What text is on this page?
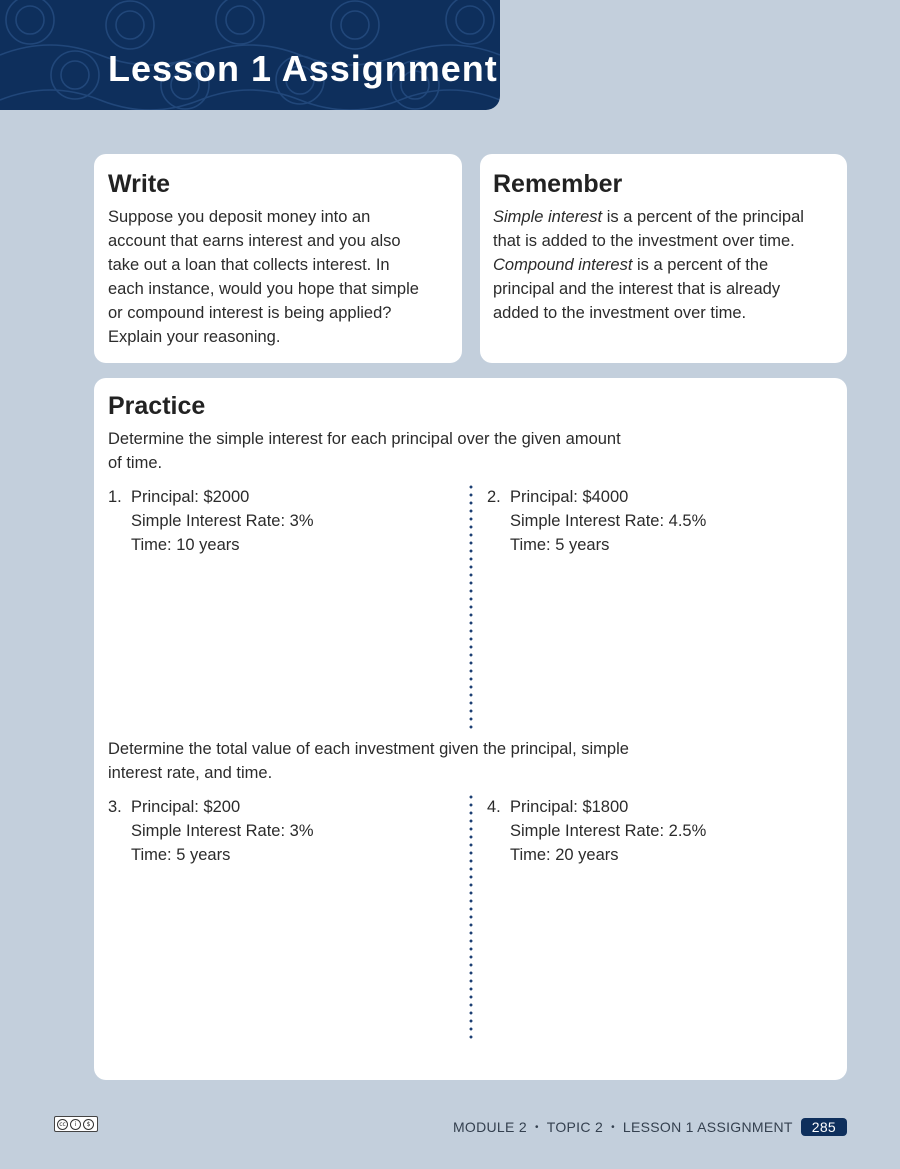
Lesson 1 Assignment
Write
Suppose you deposit money into an
account that earns interest and you also
take out a loan that collects interest. In
each instance, would you hope that simple
or compound interest is being applied?
Explain your reasoning.
Remember
Simple interest is a percent of the principal
that is added to the investment over time.
Compound interest is a percent of the
principal and the interest that is already
added to the investment over time.
Practice
Determine the simple interest for each principal over the given amount
of time.
1. Principal: $2000
Simple Interest Rate: 3%
Time: 10 years
2. Principal: $4000
Simple Interest Rate: 4.5%
Time: 5 years
Determine the total value of each investment given the principal, simple
interest rate, and time.
3. Principal: $200
Simple Interest Rate: 3%
Time: 5 years
4. Principal: $1800
Simple Interest Rate: 2.5%
Time: 20 years
cc	i	$	MODULE 2 • TOPIC 2 • LESSON 1 ASSIGNMENT	285
